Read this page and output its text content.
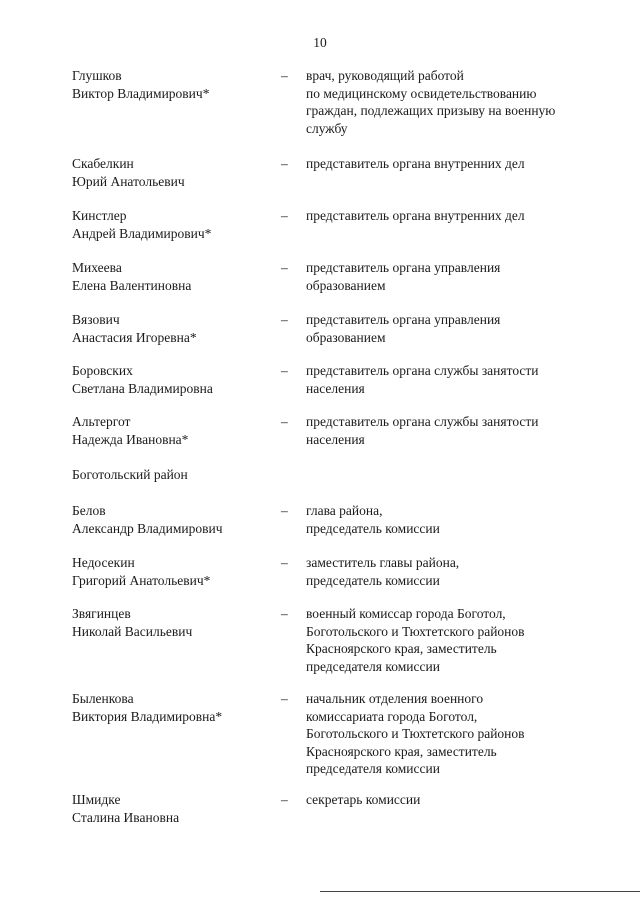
10
Глушков
Виктор Владимирович*
– врач, руководящий работой
по медицинскому освидетельствованию
граждан, подлежащих призыву на военную
службу
Скабелкин
Юрий Анатольевич
– представитель органа внутренних дел
Кинстлер
Андрей Владимирович*
– представитель органа внутренних дел
Михеева
Елена Валентиновна
– представитель органа управления
образованием
Вязович
Анастасия Игоревна*
– представитель органа управления
образованием
Боровских
Светлана Владимировна
– представитель органа службы занятости
населения
Альтергот
Надежда Ивановна*
– представитель органа службы занятости
населения
Боготольский район
Белов
Александр Владимирович
– глава района,
председатель комиссии
Недосекин
Григорий Анатольевич*
– заместитель главы района,
председатель комиссии
Звягинцев
Николай Васильевич
– военный комиссар города Боготол,
Боготольского и Тюхтетского районов
Красноярского края, заместитель
председателя комиссии
Быленкова
Виктория Владимировна*
– начальник отделения военного
комиссариата города Боготол,
Боготольского и Тюхтетского районов
Красноярского края, заместитель
председателя комиссии
Шмидке
Сталина Ивановна
– секретарь комиссии
